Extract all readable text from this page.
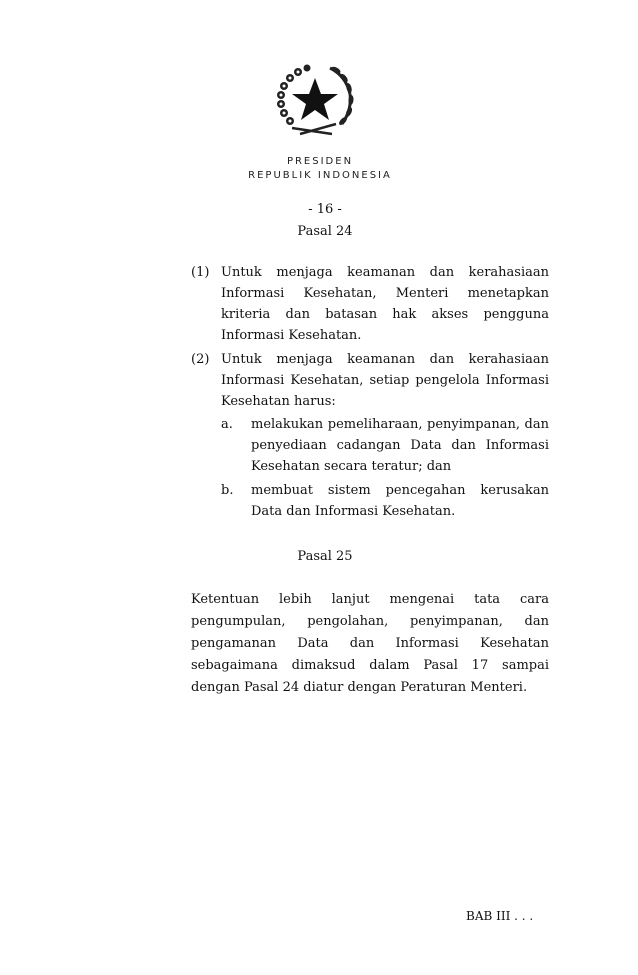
PRESIDEN
REPUBLIK INDONESIA
- 16 -
Pasal 24
(1) Untuk menjaga keamanan dan kerahasiaan Informasi Kesehatan, Menteri menetapkan kriteria dan batasan hak akses pengguna Informasi Kesehatan.
(2) Untuk menjaga keamanan dan kerahasiaan Informasi Kesehatan, setiap pengelola Informasi Kesehatan harus:
a. melakukan pemeliharaan, penyimpanan, dan penyediaan cadangan Data dan Informasi Kesehatan secara teratur; dan
b. membuat sistem pencegahan kerusakan Data dan Informasi Kesehatan.
Pasal 25
Ketentuan lebih lanjut mengenai tata cara pengumpulan, pengolahan, penyimpanan, dan pengamanan Data dan Informasi Kesehatan sebagaimana dimaksud dalam Pasal 17 sampai dengan Pasal 24 diatur dengan Peraturan Menteri.
BAB III . . .
